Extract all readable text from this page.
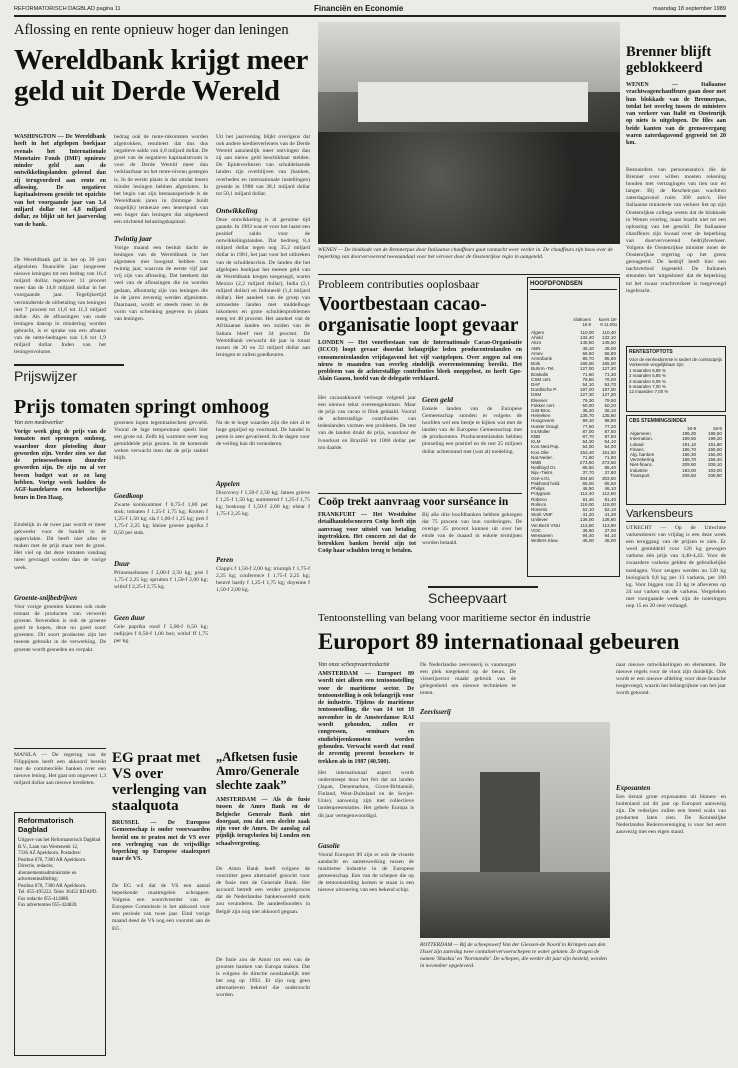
REFORMATORISCH DAGBLAD pagina 11	Financiën en Economie	maandag 18 september 1989
Aflossing en rente opnieuw hoger dan leningen
Wereldbank krijgt meer geld uit Derde Wereld
WASHINGTON — De Wereldbank heeft in het afgelopen boekjaar evenals het Internationale Monetaire Fonds (IMF) opnieuw minder geld aan de ontwikkelingslanden geleend dan zij terugvorderd aan rente en aflossing. De negatieve kapitaalstroom groeide tot opzichte van het voorgaande jaar van 3,4 miljard dollar tot 4,8 miljard dollar, zo blijkt uit het jaarverslag van de bank.
De Wereldbank gaf in het op 30 juni afgesloten financiële jaar (ongeveer nieuwe leningen tot een bedrag van 16,4 miljard dollar, tegenover 11 procent meer dan de 14,8 miljard dollar in het voorgaande jaar. Tegelijkertijd vermindertde de uitbetaling van leningen met 7 procent tot 11,6 tot 11,3 miljard dollar. Als de aflossingen van oude leningen daarop in mindering worden gebracht, is er sprake van een afname van de netto-bedragen van 1,6 tot 1,9 miljard dollar. Inden van het leningenvolume.
bedrag ook de rente-inkomsten worden afgetrokken, resulteert dat dus dus negatieve saldo van 4,8 miljard dollar. De groei van de negatieve kapitaalstroom is voor de Derde Wereld meer dan verklaarbaar nu het rente-niveau gestegen is. In de eerste plaats is dat omdat leners minder leningen hebben afgesloten. In het begin van zijn bestaansperiode is de Wereldbank jaren in (himmpe huidt mogelijk) tenkeuze een lenerspool van een hoger dan leningen dat uitgekeerd een stichtend belastingskapitaal.
Twintig jaar
Vorige maand een besluit dacht de leningen van de Wereldbank in het algemeen met hoogstal hebben van twintig jaar, waarvan de eerste vijf jaar vrij zijn van aflossing. Dat betekent dat veel van de aflossingen die nu worden gedaan, afkomstig zijn van leningen die in de jaren zeventig werden afgesloten. Daarnaast, wordt er steeds meer in de vorm van schenking gegeven in plaats van leningen.
Uit het jaarverslag blijkt overigens dat ook andere kredietverleners van de Derde Wereld aanzienlijk meer ontvingen dan zij aan nieuw geld beschikbaar stelden. De Epideverliezen van schuldeisende landen zijn overblijven van (banken, overheden en internationale instellingen) groeide in 1988 van 38,1 miljard dollar tot 50,1 miljard dollar.
Ontwikkeling
Deze ontwikkeling is al geruime tijd gaande. In 1983 was er voor het laatst een positief saldo voor de ontwikkelingslanden. Dat bedroeg 8,4 miljard dollar tegen nog 35,2 miljard dollar in 1981, het jaar voor het uitbreken van de schuldencrisis. De landen die het afgelopen boekjaar het meeste geld van de Wereldbank kregen toegezegd, waren Mexico (2,2 miljard dollar), India (2,1 miljard dollar) en Indonesië (1,4 miljard dollar). Het aandeel van de groep van armoedste landen met middelhoge inkomens en grote schuldenproblemen steeg tot 40 procent. Het aandeel van de Afrikaanse landen ten zuiden van de Sahara bleef met 34 procent. De Wereldbank verwacht dit jaar in totaal tussen de 20 en 22 miljard dollar aan leningen te zullen goedkeuren.
WENEN — De blokkade van de Brennerpas door Italiaanse chauffeurs gaat vannacht weer verder in. De chauffeurs zijn boos over de beperking van doorvervoerend tweeaandaal voor het vervoer door de Oostenrijkse regio in aangeteld.
Brenner blijft geblokkeerd
WENEN — Italiaanse vrachtwagenchauffeurs gaan door met hun blokkade van de Brennerpas, totdat het overleg tussen de ministers van verkeer van Italië en Oostenrijk op niets is uitgelopen. De files aan beide kanten van de grensovergang waren zaterdagavond gegroeid tot 20 km.
Bestuurders van personenauto's die de Brenner over willen moeten rekening houden met vertragingen van tien uur en langer. Bij de Reschen-pas wachtten zaterdagavond ruim 300 auto's. Het Italiaanse ministerie van verkeer liet op zijn Oostenrijkse collega weten dat de blokkade in Wenen overleg, maar bracht niet tot een oplossing van het geschil. De Italiaanse chauffeurs zijn kwaad over de beperking van doorvervoerend bedrijfsverkeer. Volgens de Oostenrijkse minister moet de Oostenrijkse regering op het grens gereageerd. De bedrijf heeft hier een nachtverbod ingesteld. De Italianen steunden het 'uitgesloten' dat de beperking tot het zwaar vrachtverkeer is toegevoegd ingebracht.
Probleem contributies ooplosbaar
Voortbestaan cacao-organisatie loopt gevaar
LONDEN — Het voortbestaan van de Internationale Cacao-Organisatie (ICCO) loopt gevaar doordat belangrijke leden producentenlanden en consumentenlanden vrijdagavond het vijf vastgelopen. Over zeggen zal een nieuw te maanden van overleg eindelijk overeenstemming bereikt. Het probleem van de achterstallige contributies bleek onopgelost, zo heeft Gpe-Alain Gaaou, hoofd van de delegatie verklaard.
Het cacaoakkoord verloopt volgend jaar een nieuwe tekst overeengekomen. Maar de prijs van cacao is flink gedaald. Vooral de achterstallige contributies van ledenlanden vormen een probleem. De rest van de landen drukt de prijs, waardoor de Ivoorkust en Brazilië tot 1000 dollar per ton daalde.
Geen geld
Enkele landen van de Europese Gemeenschap stonden er volgens de hoofden wel een beetje te kijken wat met de landen van de Europese Gemeenschap met de producenten. Producentenlanden hebben plotseling een positief en de rest 25 miljoen dollar achterstand met (wat al) toedeling.
Coöp trekt aanvraag voor surséance in
FRANKFURT — Het Westduitse detailhandelsconcern Coöp heeft zijn aanvraag voor uitstel van betaling ingetrokken. Het concern zei dat de betrokken banken bereid zijn tot Coöp haar schulden terug te betalen.
Bij alle drie hoofdbanken hebben gekregen dat 75 procent van hun vorderingen. De overige 25 procent kunnen uit over het einde van de maand in enkele termijnen worden betaald.
HOOFDFONDSEN
slotkoers 15-9
koers 18-9 11.00u
Algem	110,00	110,40
Ahold	132,40	132,10
Akzo	145,50	145,50
ABN	45,10	45,00
Amev	56,50	56,80
Amrobank	85,70	85,60
Bols	165,00	165,00
Buhrm.-Tet.	127,00	127,20
Boskalis	71,50	71,30
CSM cert.	75,80	76,00
DAF	54,10	53,70
Dordtsche P.	197,00	197,00
DSM	127,30	127,20
Elsevier	79,30	79,50
Fokker cert.	50,00	50,20
Gist-Broc.	36,20	36,10
Heineken	135,70	135,60
Hoogovens	99,10	98,80
Hunter Dougl.	77,50	77,20
Int.Müller	87,00	87,50
KBB	87,70	87,50
KLM	54,30	54,10
Kon.Ned.Pap.	54,00	54,00
Kon.Olie	153,40	151,50
Nat.Neder.	71,60	71,80
NMB	273,50	273,50
Nedlloyd Gr.	85,60	85,40
Nijv.-Tielm.	37,70	37,80
Océ-v.Gr.	304,50	303,50
Pakhoed hold.	65,00	65,50
Philips	46,50	46,10
Polygram	112,40	112,60
Robeco	81,40	81,40
Rolinco	119,00	119,00
Rorento	52,10	52,10
Stork VMF	41,20	41,30
Unilever	136,00	136,60
Ver.Bezit VNU	113,80	113,90
VOC	36,60	37,00
Wessanen	94,40	94,10
Wolters Kluw.	45,00	45,00
RENTESTOPTOTS
Voor de eenheidsrente is sedert de contractprijs
Vorkeerde vergelijkbaar zijn:
1 maanden 5,88 %
2 maanden 5,85 %
3 maanden 6,05 %
6 maanden 7,00 %
12 maanden 7,00 %
CBS STEMMINGSINDEX
	15-9	18-9
Algemeen	195,30	195,50
Internation.	199,60	199,20
Lokaal	191,10	191,80
Financ.	155,70	155,60
Alg. banken	156,30	156,00
Verzekering	156,70	156,40
Niet-financ.	209,90	209,10
Industrie	193,00	193,00
Transport	209,50	208,90
Varkensbeurs
UTRECHT — Op de Utrechtse varkensbeurs van vrijdag is een deze week een teruggang van de prijzen te zien. Er werd gemiddeld voor 126 kg gewogen varkens één prijs van 4,40-4,42. Voor de zwaardere varkens gelden de gebruikelijke toeslagen. Voor zeugen werden nu 120 kg biologisch 0,8 kg per 13 varkens, per 100 kg. Voor biggen van 23 kg te afleveren op 24 uur varken van de varkens. Vergeleken met voorgaande week zijn de noteringen nop 15 en 20 cent verlaagd.
Prijswijzer
Prijs tomaten springt omhoog
Van een medewerker
Vorige week ging de prijs van de tomaten met sprongen omhoog, waardoor deze plotseling duur geworden zijn. Verder zien we dat de prinsessebonen duurder geworden zijn. De zijn nu al ver boven budget wat ze zo lang hebben. Vorige week hadden de AGF-handelaren een behoorlijke beurs in Den Haag.
Eindelijk in de twee jaar wordt er meer gekweekt voor de handel in de oppervlakte. Dit heeft niet alles te maken met de prijs maar met de groei. Het viel op dat deze tomaten vandaag meer gevraagd worden dan de vorige week.
Groente-snijbedrijven
Voor vorige groenten kunnen ook oude tomaat de producten van verwerkt groente. Bovendien is ook de groente goed te kopen, deze nu goed soort groenten. Dit soort producten zijn het meeste gebruikt in de verwerking. De groente wordt gesneden en verpakt.
groenten lopen tegenmatiechest gevoeld. Vooral de lage temperatuur speelt hier een grote rol. Zelfs bij warmere weer nog gemiddelde prijs gezien. In de komende weken verwacht men dat de prijs stabiel blijft.
Goedkoop
Zwarte komkommer f 0,75-f 1,00 per stuk; tomaten f 1,25-f 1,75 kg; Kroten f 1,25-f 1,50 kg; sla f 1,00-f 1,25 kg; prei f 1,75-f 2,25 kg; kleine groene paprika f 0,50 per stuk.
Duur
Prinsessebonen f 2,00-f 2,50 kg; prei f 1,75-f 2,25 kg; spruiten f 1,50-f 2,00 kg; witlof f 2,25-f 2,75 kg.
Geen duur
Gele paprika rood f 5,00-f 6,50 kg; radijsjes f 0,50-f 1,00 bos; witlof ff 1,75 per kg.
Na de te hoge waarden zijn die niet al te hoge geprijsd op voorhand. De handel in peren is zeer gevarieerd. In de dagen voor de veiling kan dit veranderen.
Appelen
Discovery f 1,50-f 2,50 kg; James grieve f 1,25-f 1,50 kg; summered f 1,25-f 1,75 kg; boskoop f 1,50-f 2,00 kg; elstar f 1,75-f 2,25 kg.
Peren
Clapp's f 1,50-f 2,00 kg; triumph f 1,75-f 2,25 kg; conference f 1,75-f 2,25 kg; beurré hardy f 1,25-f 1,75 kg; doyenne f 1,50-f 2,00 kg.
MANILA — De regering van de Filippijnen heeft een akkoord bereikt met de commerciële banken over een nieuwe lening. Het gaat om ongeveer 1,3 miljard dollar aan nieuwe kredieten.
Reformatorisch Dagblad
Uitgave van het Reformatorisch Dagblad B.V., Laan van Westenenk 12,
7336 AZ Apeldoorn. Postadres:
Postbus 670, 7300 AR Apeldoorn.
Directie, redactie, abonnementsadministratie en advertentieafdeling:
Postbus 670, 7300 AR Apeldoorn.
Tel. 055-495222. Telex 36452 RDAPD.
Fax redactie 055-412888.
Fax advertenties 055-424820.
EG praat met VS over verlenging van staalquota
BRUSSEL — De Europese Gemeenschap is onder voorwaarden bereid om te praten met de VS over een verlenging van de vrijwillige beperking op Europese staalexport naar de VS.
De EG wil dat de VS een aantal beperkende maatregelen schrappen. Volgens een woordvoerder van de Europese Commissie is het akkoord voor een periode van twee jaar. Eind vorige maand deed de VS nog een voorstel aan de EG.
„Afketsen fusie Amro/Generale slechte zaak”
AMSTERDAM — Als de fusie tussen de Amro Bank en de Belgische Generale Bank niet doorgaat, zou dat een slechte zaak zijn voor de Amro. De aanslag zal pijnlijk terugvloeien bij Londen een schaalvergroting.
De Amro Bank heeft volgens de voorzitter geen alternatief gezocht voor de fusie met de Generale Bank. Het accoord betreft een verder groeiproces dat de Nederlandse bankenwereld sterk zou veranderen. De aandeelhouders in België zijn nog niet akkoord gegaan.
De fusie zou de Amro tot een van de grootste banken van Europa maken. Dat is volgens de directie noodzakelijk met het oog op 1992. Er zijn nog geen alternatieven bekend die onderzocht worden.
Scheepvaart
Tentoonstelling van belang voor maritieme sector én industrie
Europort 89 internationaal gebeuren
Van onze scheepvaartredactie
AMSTERDAM — Europort 89 wordt niet alleen een tentoonstelling voor de maritieme sector. De tentoonstelling is ook belangrijk voor de industrie. Tijdens de maritieme tentoonstelling, die van 14 tot 18 november in de Amsterdamse RAI wordt gehouden, zullen er congressen, seminars en studiebijeenkomsten worden gehouden. Verwacht wordt dat rond de zeventig procent bezoekers te trekken als in 1987 (40.500).
Het internationaal aspect wordt onderstreept door het feit dat uit landen (Japan, Denemarken, Groot-Brittannië, Finland, West-Duitsland en de Sovjet-Unie), aanwezig zijn met collectieve landenpresentaties. Het gehele Europa is dit jaar vertegenwoordigd.
Gasolie
Vooral Europort 89 zijn er ook de visuele aandacht en samenwerking tussen de maritieme industrie in de Europese gemeenschap. Een van de schepen die op de tentoonstelling komen te staan is een nieuwe uitvoering van een bekend schip.
De Nederlandse zeevisserij is vanmorgen een plek toegekend op de beurs. De visserijsector maakt gebruik van de gelegenheid om nieuwe technieken te tonen.
Zeevisserij
ROTTERDAM — Bij de scheepswerf Van der Giessen-de Noord in Krimpen aan den IJssel zijn zaterdag twee containervervoerschepen te water gelaten. Ze dragen de namen 'Shaskia' en 'Normandie'. De schepen, die eerder dit jaar zijn besteld, worden in november opgeleverd.
naar nieuwe ontwikkelingen en elementen. De nieuwe regels voor de vloot zijn duidelijk. Ook wordt er een nieuwe afdeling voor deze branche toegevoegd, waarin het belangrijkste van het jaar wordt getoond.
Exposanten
Een tiental grote exposanten uit binnen- en buitenland zal dit jaar op Europort aanwezig zijn. De rederijen zullen een breed scala van producten laten zien. De Koninklijke Nederlandse Redersvereniging is voor het eerst aanwezig met een eigen stand.
